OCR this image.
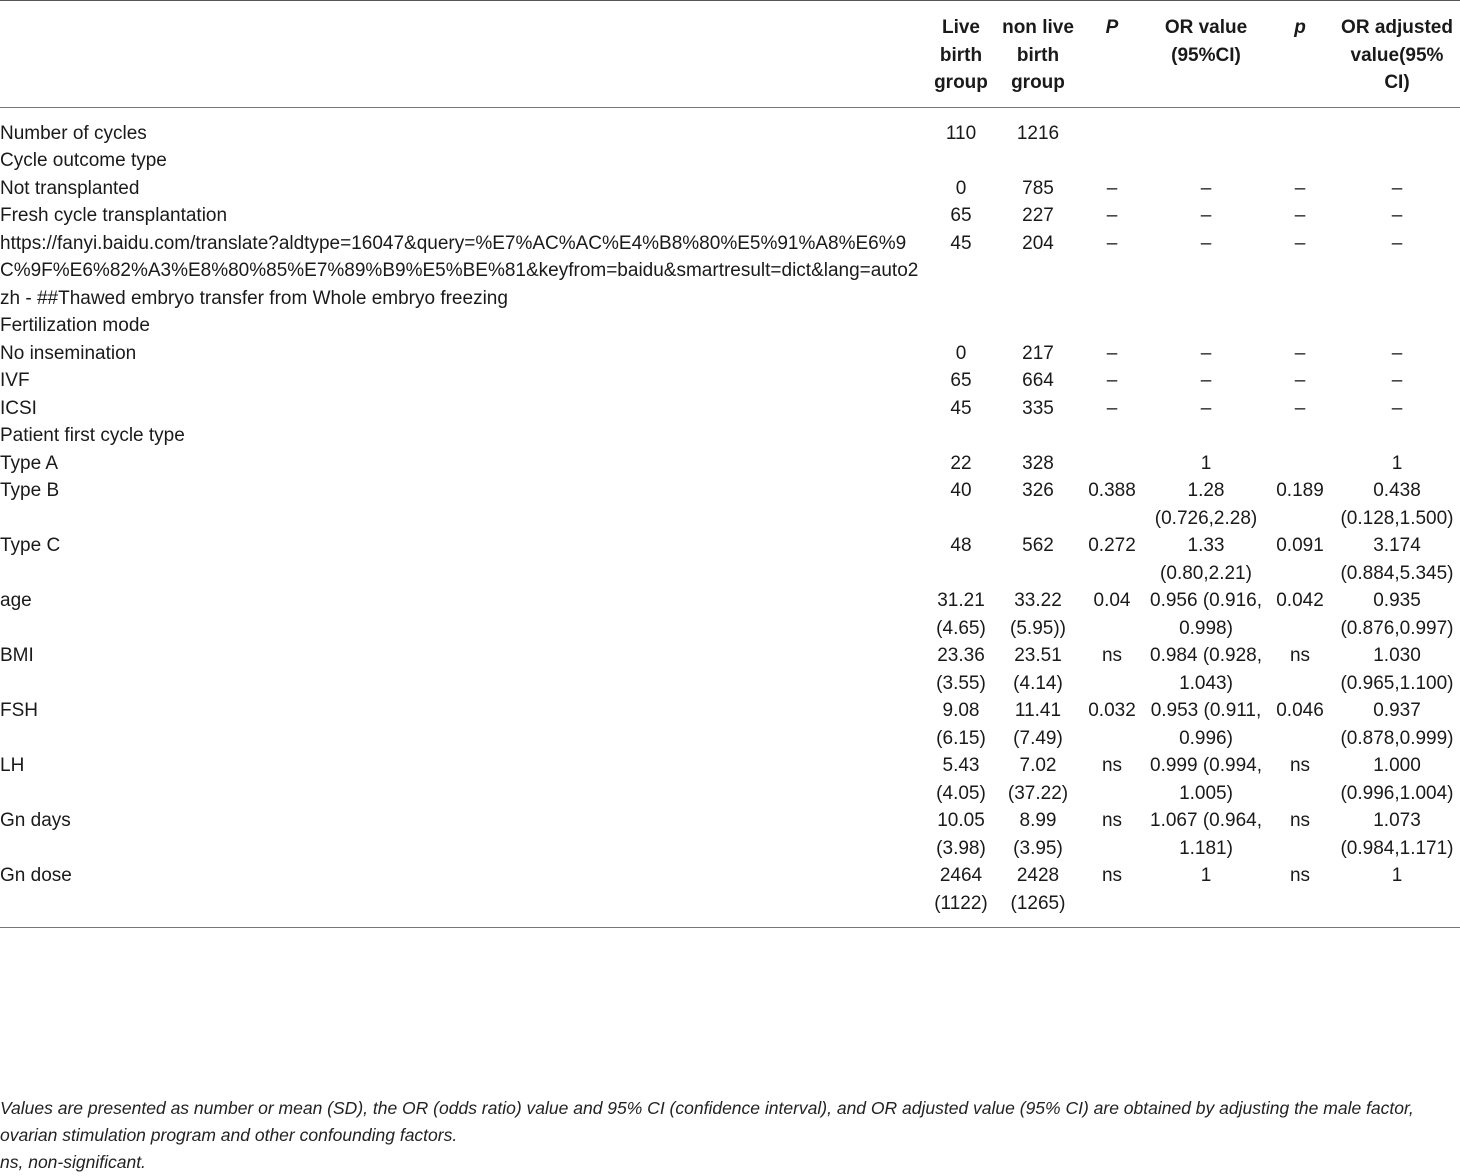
	Live birth group	non live birth group	P	OR value (95%CI)	p	OR adjusted value(95% CI)
Number of cycles	110	1216				
Cycle outcome type						
Not transplanted	0	785	–	–	–	–
Fresh cycle transplantation	65	227	–	–	–	–
https://fanyi.baidu.com/translate?aldtype=16047&query=%E7%AC%AC%E4%B8%80%E5%91%A8%E6%9C%9F%E6%82%A3%E8%80%85%E7%89%B9%E5%BE%81&keyfrom=baidu&smartresult=dict&lang=auto2zh - ##Thawed embryo transfer from Whole embryo freezing	45	204	–	–	–	–
Fertilization mode						
No insemination	0	217	–	–	–	–
IVF	65	664	–	–	–	–
ICSI	45	335	–	–	–	–
Patient first cycle type						
Type A	22	328		1		1
Type B	40	326	0.388	1.28 (0.726,2.28)	0.189	0.438 (0.128,1.500)
Type C	48	562	0.272	1.33 (0.80,2.21)	0.091	3.174 (0.884,5.345)
age	31.21 (4.65)	33.22 (5.95))	0.04	0.956 (0.916, 0.998)	0.042	0.935 (0.876,0.997)
BMI	23.36 (3.55)	23.51 (4.14)	ns	0.984 (0.928, 1.043)	ns	1.030 (0.965,1.100)
FSH	9.08 (6.15)	11.41 (7.49)	0.032	0.953 (0.911, 0.996)	0.046	0.937 (0.878,0.999)
LH	5.43 (4.05)	7.02 (37.22)	ns	0.999 (0.994, 1.005)	ns	1.000 (0.996,1.004)
Gn days	10.05 (3.98)	8.99 (3.95)	ns	1.067 (0.964, 1.181)	ns	1.073 (0.984,1.171)
Gn dose	2464 (1122)	2428 (1265)	ns	1	ns	1

Values are presented as number or mean (SD), the OR (odds ratio) value and 95% CI (confidence interval), and OR adjusted value (95% CI) are obtained by adjusting the male factor, ovarian stimulation program and other confounding factors.

ns, non-significant.
